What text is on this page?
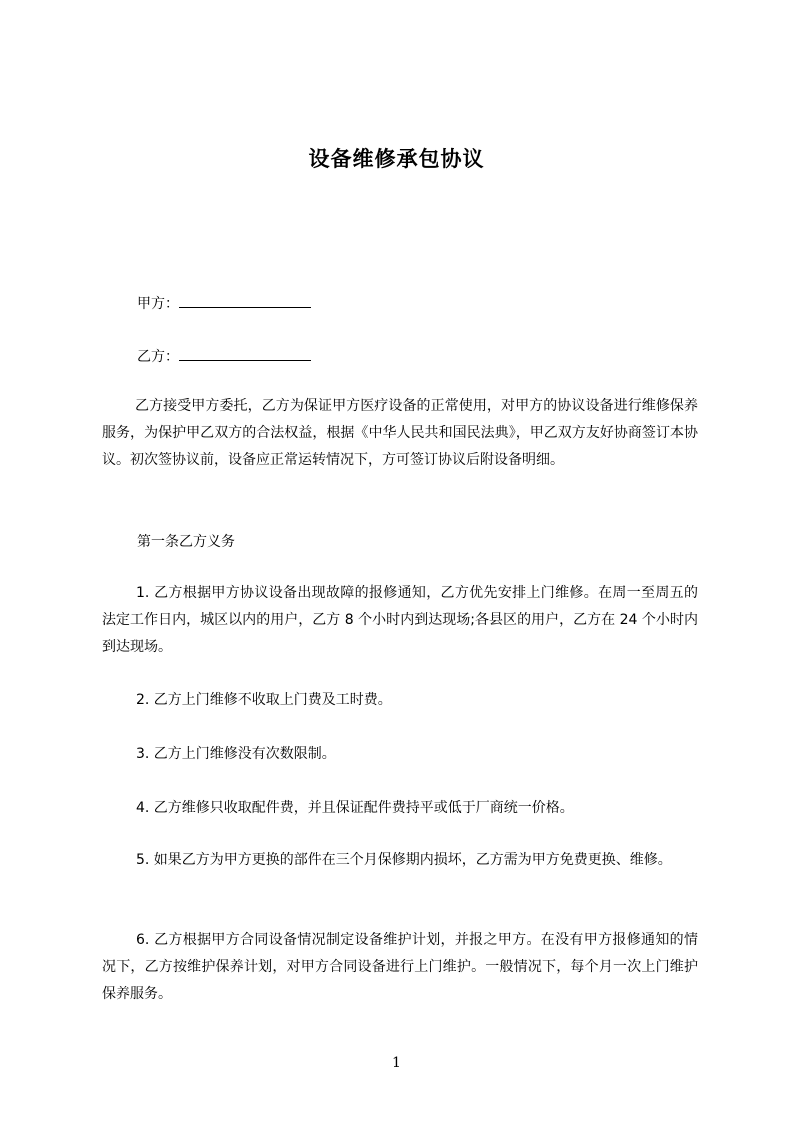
设备维修承包协议
甲方：
乙方：
乙方接受甲方委托，乙方为保证甲方医疗设备的正常使用，对甲方的协议设备进行维修保养服务，为保护甲乙双方的合法权益，根据《中华人民共和国民法典》，甲乙双方友好协商签订本协议。初次签协议前，设备应正常运转情况下，方可签订协议后附设备明细。
第一条乙方义务
1. 乙方根据甲方协议设备出现故障的报修通知，乙方优先安排上门维修。在周一至周五的法定工作日内，城区以内的用户，乙方 8 个小时内到达现场;各县区的用户，乙方在 24 个小时内到达现场。
2. 乙方上门维修不收取上门费及工时费。
3. 乙方上门维修没有次数限制。
4. 乙方维修只收取配件费，并且保证配件费持平或低于厂商统一价格。
5. 如果乙方为甲方更换的部件在三个月保修期内损坏，乙方需为甲方免费更换、维修。
6. 乙方根据甲方合同设备情况制定设备维护计划，并报之甲方。在没有甲方报修通知的情况下，乙方按维护保养计划，对甲方合同设备进行上门维护。一般情况下，每个月一次上门维护保养服务。
1
